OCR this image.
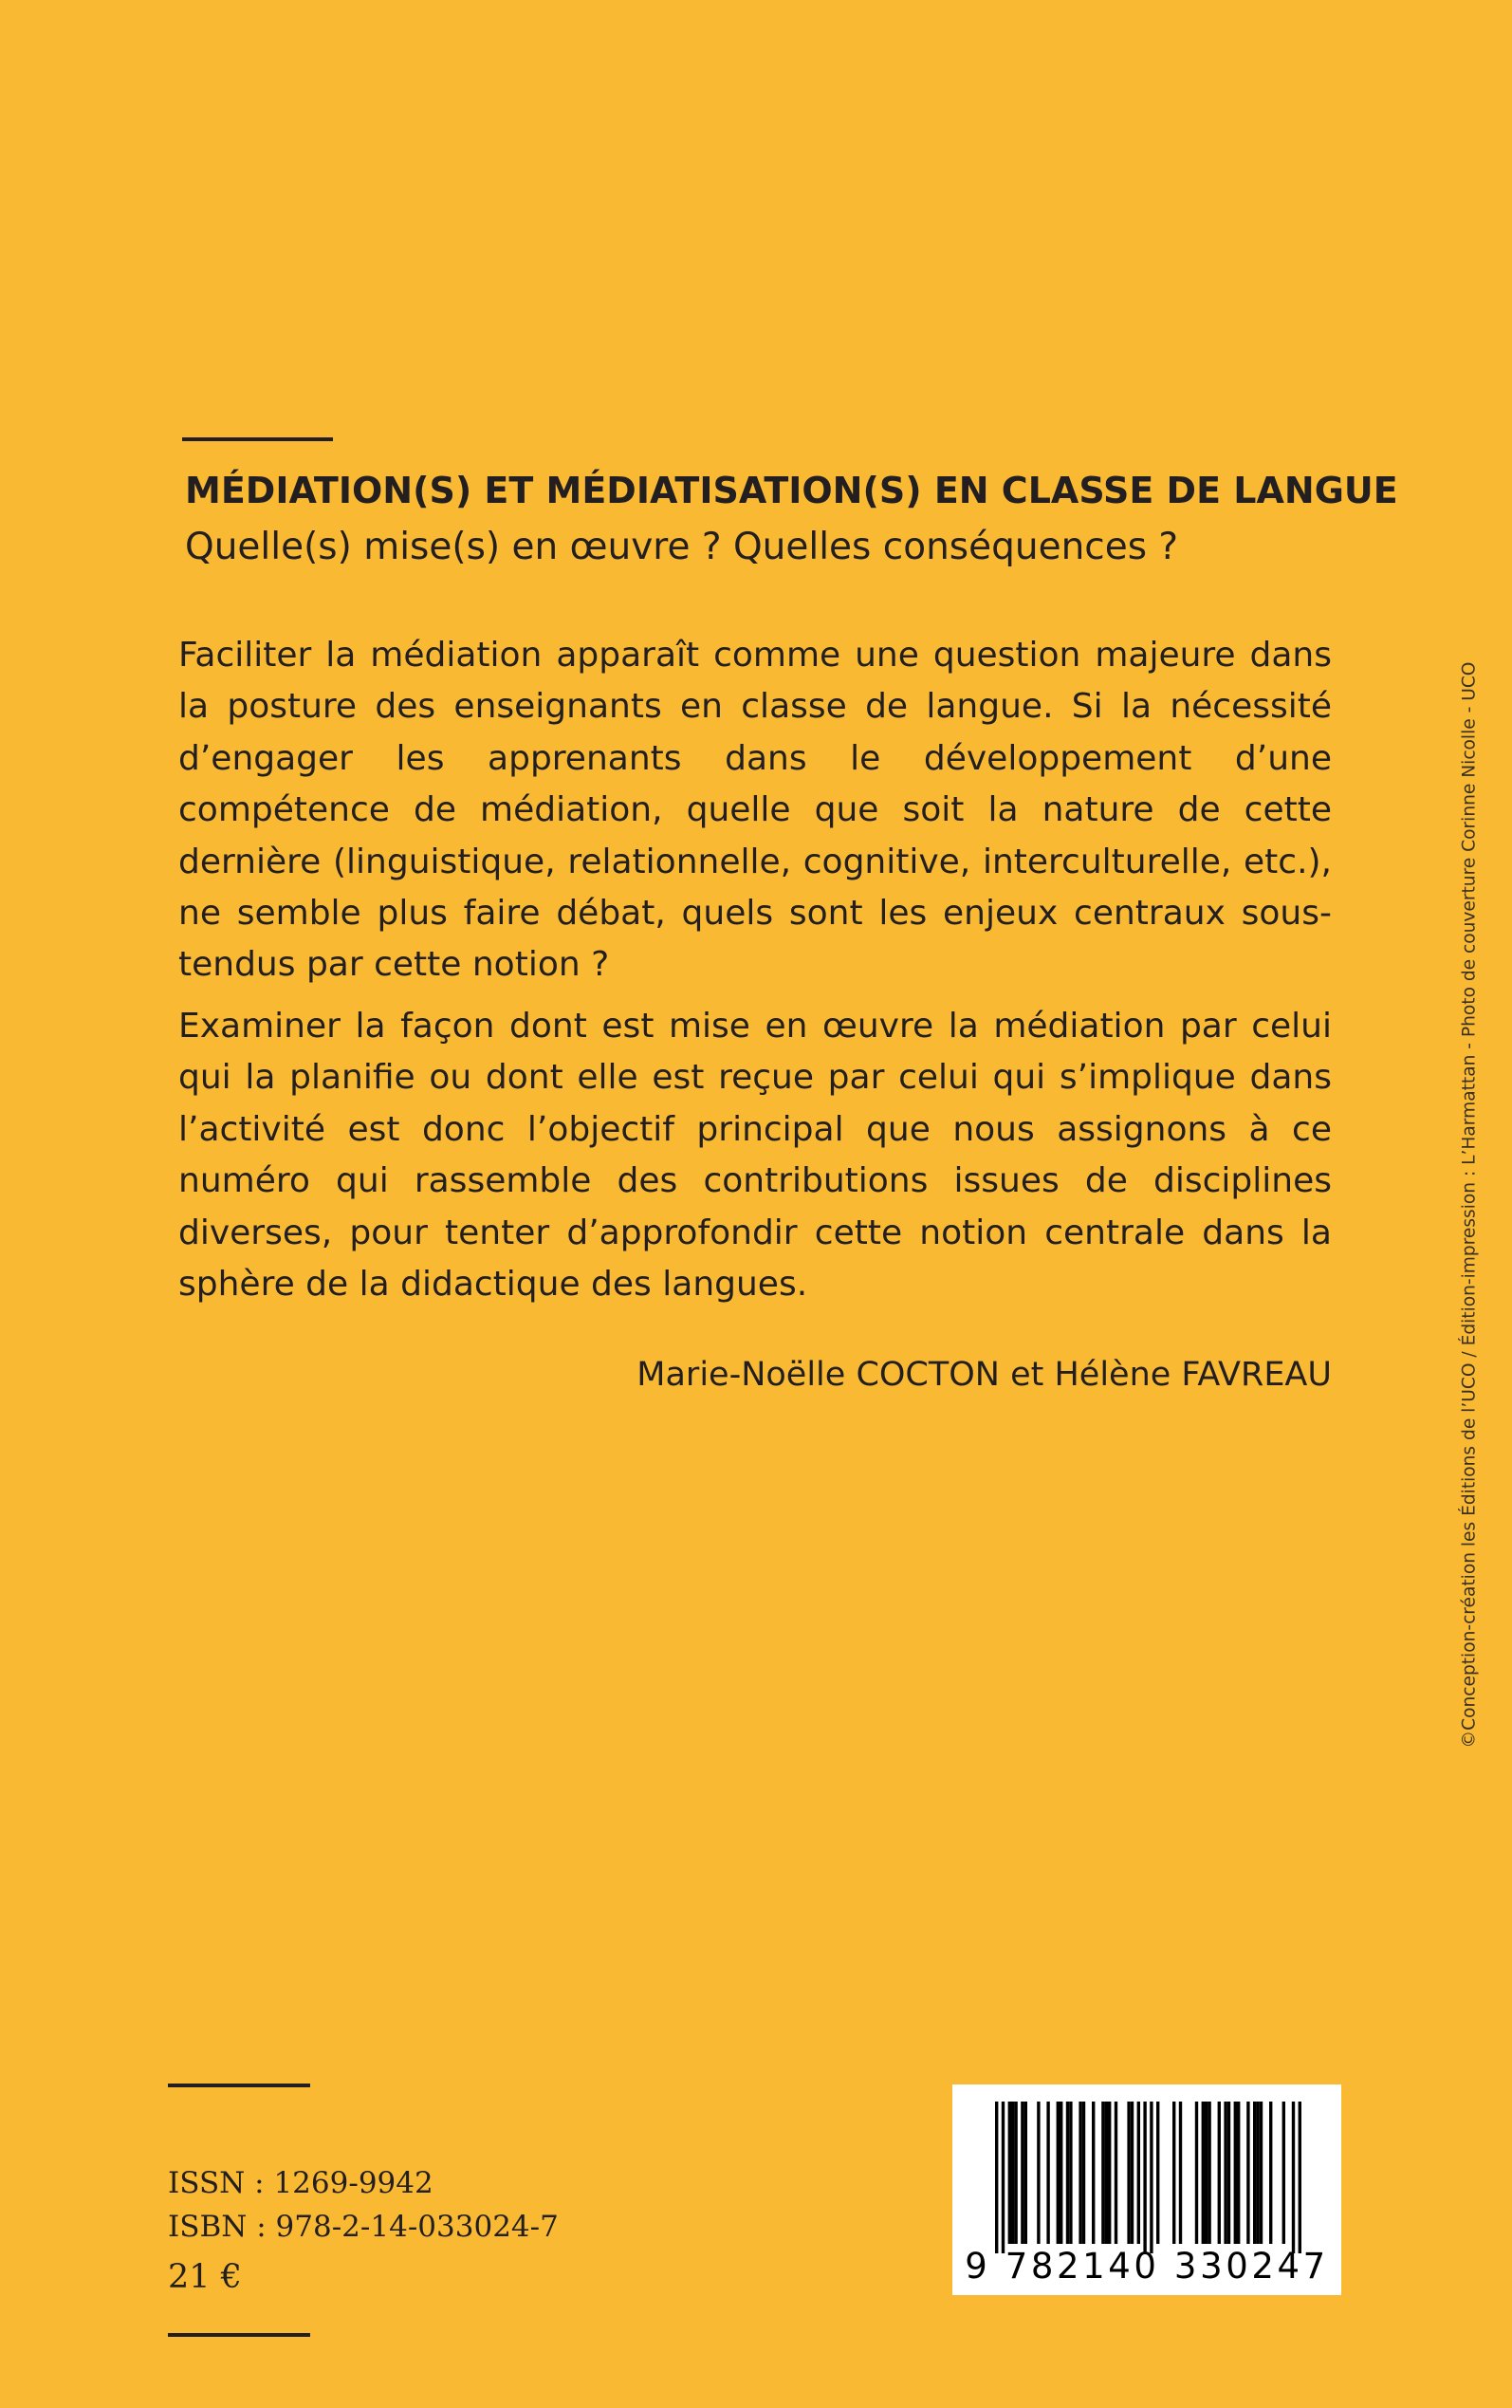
MÉDIATION(S) ET MÉDIATISATION(S) EN CLASSE DE LANGUE
Quelle(s) mise(s) en œuvre ? Quelles conséquences ?

Faciliter la médiation apparaît comme une question majeure dans la posture des enseignants en classe de langue. Si la nécessité d’engager les apprenants dans le développement d’une compétence de médiation, quelle que soit la nature de cette dernière (linguistique, relationnelle, cognitive, interculturelle, etc.), ne semble plus faire débat, quels sont les enjeux centraux sous-tendus par cette notion ?

Examiner la façon dont est mise en œuvre la médiation par celui qui la planifie ou dont elle est reçue par celui qui s’implique dans l’activité est donc l’objectif principal que nous assignons à ce numéro qui rassemble des contributions issues de disciplines diverses, pour tenter d’approfondir cette notion centrale dans la sphère de la didactique des langues.

Marie-Noëlle COCTON et Hélène FAVREAU	©Conception-création les Éditions de l’UCO / Édition-impression : L’Harmattan - Photo de couverture Corinne Nicolle - UCO
ISSN : 1269-9942
ISBN : 978-2-14-033024-7
21 €	9 782140 330247
